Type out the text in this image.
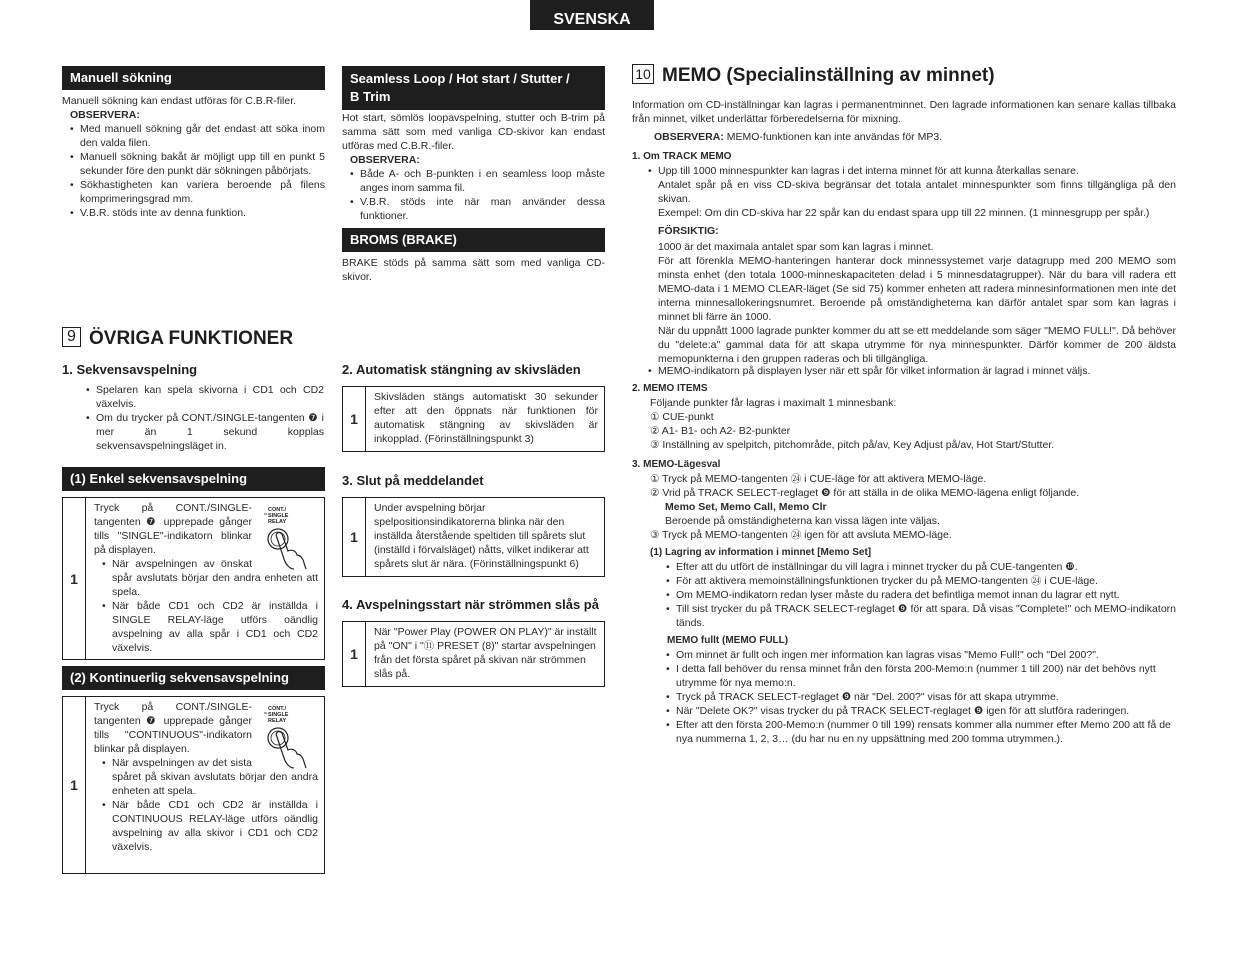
SVENSKA
Manuell sökning
Manuell sökning kan endast utföras för C.B.R-filer.
OBSERVERA:
• Med manuell sökning går det endast att söka inom den valda filen.
• Manuell sökning bakåt är möjligt upp till en punkt 5 sekunder före den punkt där sökningen påbörjats.
• Sökhastigheten kan variera beroende på filens komprimeringsgrad mm.
• V.B.R. stöds inte av denna funktion.
Seamless Loop / Hot start / Stutter /
B Trim
Hot start, sömlös loopavspelning, stutter och B-trim på samma sätt som med vanliga CD-skivor kan endast utföras med C.B.R.-filer.
OBSERVERA:
• Både A- och B-punkten i en seamless loop måste anges inom samma fil.
• V.B.R. stöds inte när man använder dessa funktioner.
BROMS (BRAKE)
BRAKE stöds på samma sätt som med vanliga CD-skivor.
9 ÖVRIGA FUNKTIONER
1. Sekvensavspelning
• Spelaren kan spela skivorna i CD1 och CD2 växelvis.
• Om du trycker på CONT./SINGLE-tangenten ❼ i mer än 1 sekund kopplas sekvensavspelningsläget in.
(1) Enkel sekvensavspelning
1	
CONT./
SINGLE
RELAY
Tryck på CONT./SINGLE-tangenten ❼ upprepade gånger tills "SINGLE"-indikatorn blinkar på displayen.
• När avspelningen av önskat spår avslutats börjar den andra enheten att spela.
• När både CD1 och CD2 är inställda i SINGLE RELAY-läge utförs oändlig avspelning av alla spår i CD1 och CD2 växelvis.
(2) Kontinuerlig sekvensavspelning
1	
CONT./
SINGLE
RELAY
Tryck på CONT./SINGLE-tangenten ❼ upprepade gånger tills "CONTINUOUS"-indikatorn blinkar på displayen.
• När avspelningen av det sista spåret på skivan avslutats börjar den andra enheten att spela.
• När både CD1 och CD2 är inställda i CONTINUOUS RELAY-läge utförs oändlig avspelning av alla skivor i CD1 och CD2 växelvis.
2. Automatisk stängning av skivsläden
1	Skivsläden stängs automatiskt 30 sekunder efter att den öppnats när funktionen för automatisk stängning av skivsläden är inkopplad. (Förinställningspunkt 3)
3. Slut på meddelandet
1	Under avspelning börjar spelpositionsindikatorerna blinka när den inställda återstående speltiden till spårets slut (inställd i förvalsläget) nåtts, vilket indikerar att spårets slut är nära. (Förinställningspunkt 6)
4. Avspelningsstart när strömmen slås på
1	När "Power Play (POWER ON PLAY)" är inställt på "ON" i "⑪ PRESET (8)" startar avspelningen från det första spåret på skivan när strömmen slås på.
10 MEMO (Specialinställning av minnet)
Information om CD-inställningar kan lagras i permanentminnet. Den lagrade informationen kan senare kallas tillbaka från minnet, vilket underlättar förberedelserna för mixning.
OBSERVERA: MEMO-funktionen kan inte användas för MP3.
1. Om TRACK MEMO
• Upp till 1000 minnespunkter kan lagras i det interna minnet för att kunna återkallas senare.
Antalet spår på en viss CD-skiva begränsar det totala antalet minnespunkter som finns tillgängliga på den skivan.
Exempel: Om din CD-skiva har 22 spår kan du endast spara upp till 22 minnen. (1 minnesgrupp per spår.)
FÖRSIKTIG:
1000 är det maximala antalet spar som kan lagras i minnet.
För att förenkla MEMO-hanteringen hanterar dock minnessystemet varje datagrupp med 200 MEMO som minsta enhet (den totala 1000-minneskapaciteten delad i 5 minnesdatagrupper). När du bara vill radera ett MEMO-data i 1 MEMO CLEAR-läget (Se sid 75) kommer enheten att radera minnesinformationen men inte det interna minnesallokeringsnumret. Beroende på omständigheterna kan därför antalet spar som kan lagras i minnet bli färre än 1000.
När du uppnått 1000 lagrade punkter kommer du att se ett meddelande som säger "MEMO FULL!". Då behöver du "delete:a" gammal data för att skapa utrymme för nya minnespunkter. Därför kommer de 200 äldsta memopunkterna i den gruppen raderas och bli tillgängliga.
• MEMO-indikatorn på displayen lyser när ett spår för vilket information är lagrad i minnet väljs.
2. MEMO ITEMS
Följande punkter får lagras i maximalt 1 minnesbank:
① CUE-punkt
② A1- B1- och A2- B2-punkter
③ Inställning av spelpitch, pitchområde, pitch på/av, Key Adjust på/av, Hot Start/Stutter.
3. MEMO-Lägesval
① Tryck på MEMO-tangenten ㉔ i CUE-läge för att aktivera MEMO-läge.
② Vrid på TRACK SELECT-reglaget ❾ för att ställa in de olika MEMO-lägena enligt följande.
Memo Set, Memo Call, Memo Clr
Beroende på omständigheterna kan vissa lägen inte väljas.
③ Tryck på MEMO-tangenten ㉔ igen för att avsluta MEMO-läge.
(1) Lagring av information i minnet [Memo Set]
• Efter att du utfört de inställningar du vill lagra i minnet trycker du på CUE-tangenten ❿.
• För att aktivera memoinställningsfunktionen trycker du på MEMO-tangenten ㉔ i CUE-läge.
• Om MEMO-indikatorn redan lyser måste du radera det befintliga memot innan du lagrar ett nytt.
• Till sist trycker du på TRACK SELECT-reglaget ❾ för att spara. Då visas "Complete!" och MEMO-indikatorn tänds.
MEMO fullt (MEMO FULL)
• Om minnet är fullt och ingen mer information kan lagras visas "Memo Full!" och "Del 200?".
• I detta fall behöver du rensa minnet från den första 200-Memo:n (nummer 1 till 200) när det behövs nytt utrymme för nya memo:n.
• Tryck på TRACK SELECT-reglaget ❾ när "Del. 200?" visas för att skapa utrymme.
• När "Delete OK?" visas trycker du på TRACK SELECT-reglaget ❾ igen för att slutföra raderingen.
• Efter att den första 200-Memo:n (nummer 0 till 199) rensats kommer alla nummer efter Memo 200 att få de nya nummerna 1, 2, 3… (du har nu en ny uppsättning med 200 tomma utrymmen.).
